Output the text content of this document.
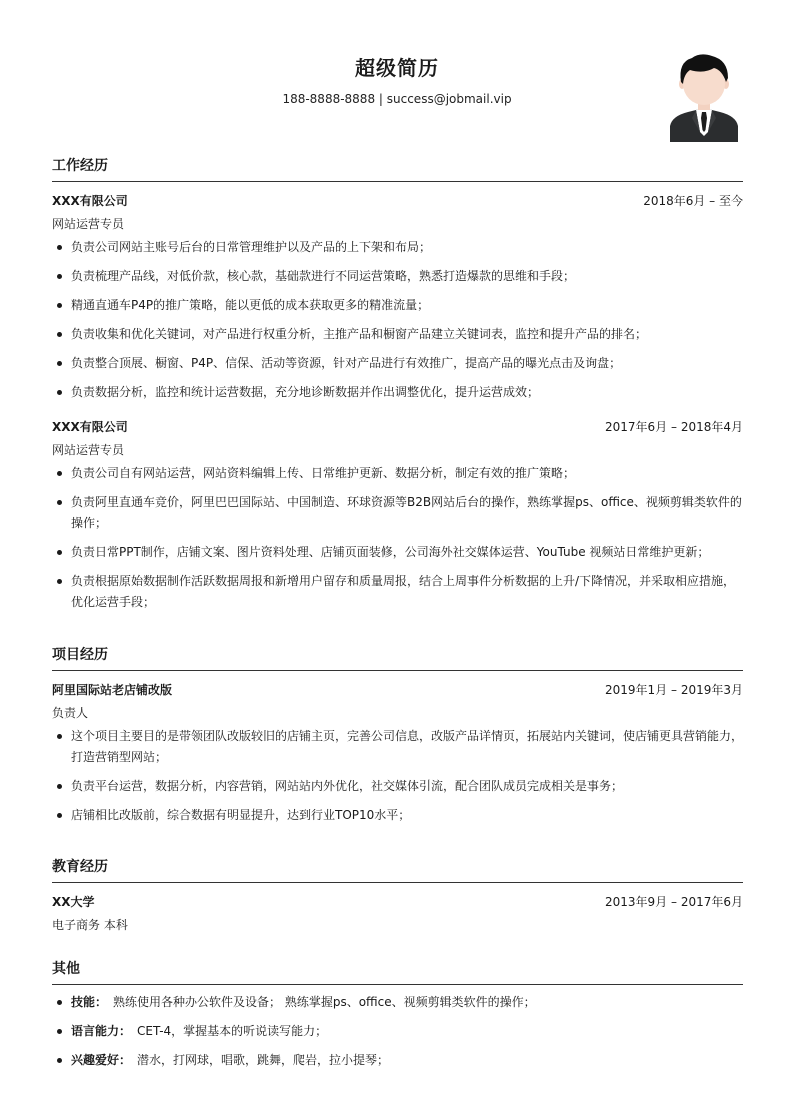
超级简历
188-8888-8888 | success@jobmail.vip
工作经历
XXX有限公司	2018年6月 – 至今
网站运营专员
负责公司网站主账号后台的日常管理维护以及产品的上下架和布局；
负责梳理产品线，对低价款，核心款，基础款进行不同运营策略，熟悉打造爆款的思维和手段；
精通直通车P4P的推广策略，能以更低的成本获取更多的精准流量；
负责收集和优化关键词，对产品进行权重分析，主推产品和橱窗产品建立关键词表，监控和提升产品的排名；
负责整合顶展、橱窗、P4P、信保、活动等资源，针对产品进行有效推广，提高产品的曝光点击及询盘；
负责数据分析，监控和统计运营数据，充分地诊断数据并作出调整优化，提升运营成效；
XXX有限公司	2017年6月 – 2018年4月
网站运营专员
负责公司自有网站运营，网站资料编辑上传、日常维护更新、数据分析，制定有效的推广策略；
负责阿里直通车竞价，阿里巴巴国际站、中国制造、环球资源等B2B网站后台的操作，熟练掌握ps、office、视频剪辑类软件的操作；
负责日常PPT制作，店铺文案、图片资料处理、店铺页面装修，公司海外社交媒体运营、YouTube 视频站日常维护更新；
负责根据原始数据制作活跃数据周报和新增用户留存和质量周报，结合上周事件分析数据的上升/下降情况，并采取相应措施，优化运营手段；
项目经历
阿里国际站老店铺改版	2019年1月 – 2019年3月
负责人
这个项目主要目的是带领团队改版较旧的店铺主页，完善公司信息，改版产品详情页，拓展站内关键词，使店铺更具营销能力，打造营销型网站；
负责平台运营，数据分析，内容营销，网站站内外优化，社交媒体引流，配合团队成员完成相关是事务；
店铺相比改版前，综合数据有明显提升，达到行业TOP10水平；
教育经历
XX大学	2013年9月 – 2017年6月
电子商务 本科
其他
技能： 熟练使用各种办公软件及设备； 熟练掌握ps、office、视频剪辑类软件的操作；
语言能力： CET-4，掌握基本的听说读写能力；
兴趣爱好： 潜水，打网球，唱歌，跳舞，爬岩，拉小提琴；
